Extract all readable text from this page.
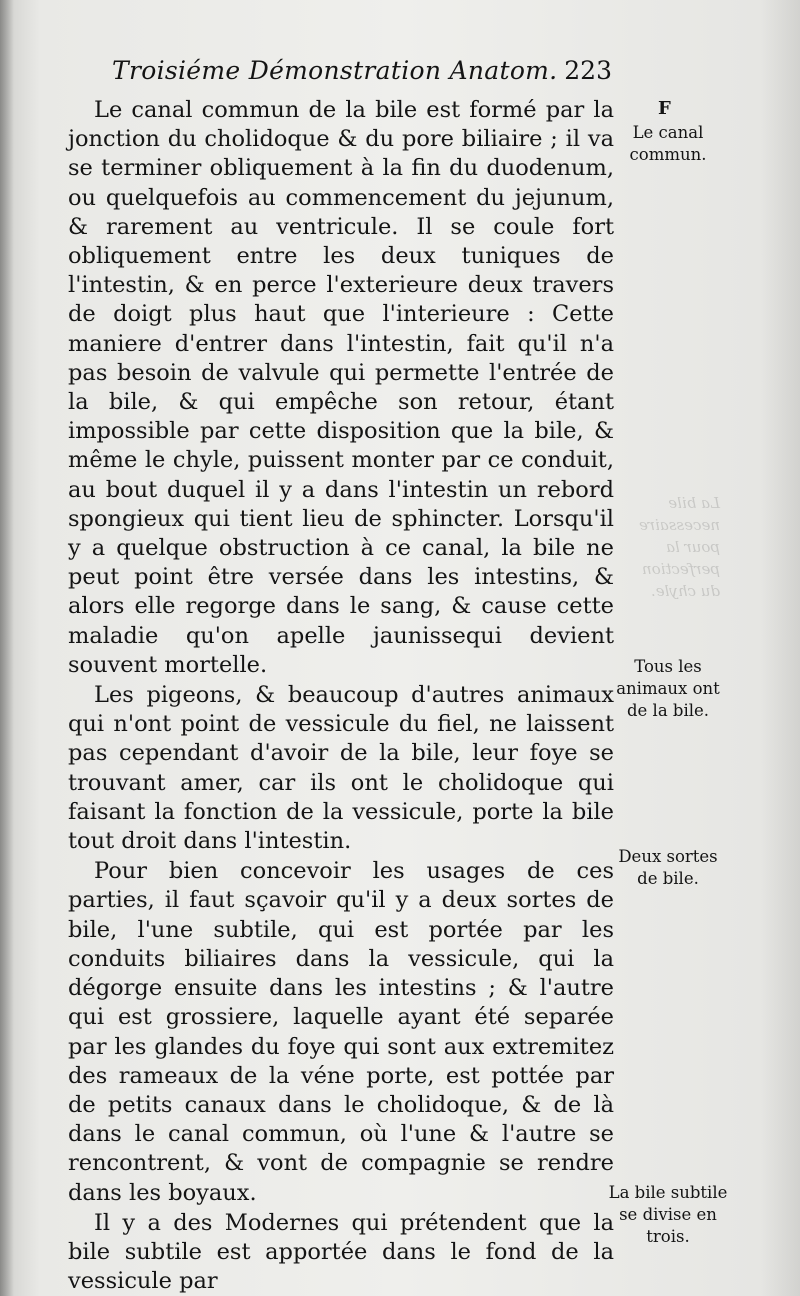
Troisiéme Démonstration Anatom. 223

Le canal commun de la bile est formé par la jonction du cholidoque & du pore biliaire ; il va se terminer obliquement à la fin du duodenum, ou quelquefois au commencement du jejunum, & rarement au ventricule. Il se coule fort obliquement entre les deux tuniques de l'intestin, & en perce l'exterieure deux travers de doigt plus haut que l'interieure : Cette maniere d'entrer dans l'intestin, fait qu'il n'a pas besoin de valvule qui permette l'entrée de la bile, & qui empêche son retour, étant impossible par cette disposition que la bile, & même le chyle, puissent monter par ce conduit, au bout duquel il y a dans l'intestin un rebord spongieux qui tient lieu de sphincter. Lorsqu'il y a quelque obstruction à ce canal, la bile ne peut point être versée dans les intestins, & alors elle regorge dans le sang, & cause cette maladie qu'on apelle jaunissequi devient souvent mortelle.

Les pigeons, & beaucoup d'autres animaux qui n'ont point de vessicule du fiel, ne laissent pas cependant d'avoir de la bile, leur foye se trouvant amer, car ils ont le cholidoque qui faisant la fonction de la vessicule, porte la bile tout droit dans l'intestin.

Pour bien concevoir les usages de ces parties, il faut sçavoir qu'il y a deux sortes de bile, l'une subtile, qui est portée par les conduits biliaires dans la vessicule, qui la dégorge ensuite dans les intestins ; & l'autre qui est grossiere, laquelle ayant été separée par les glandes du foye qui sont aux extremitez des rameaux de la véne porte, est pottée par de petits canaux dans le cholidoque, & de là dans le canal commun, où l'une & l'autre se rencontrent, & vont de compagnie se rendre dans les boyaux.

Il y a des Modernes qui prétendent que la bile subtile est apportée dans le fond de la vessicule par

F
Le canal commun.
Tous les animaux ont de la bile.
Deux sortes de bile.
La bile subtile se divise en trois.
La bile necessaire pour la perfection du chyle.
